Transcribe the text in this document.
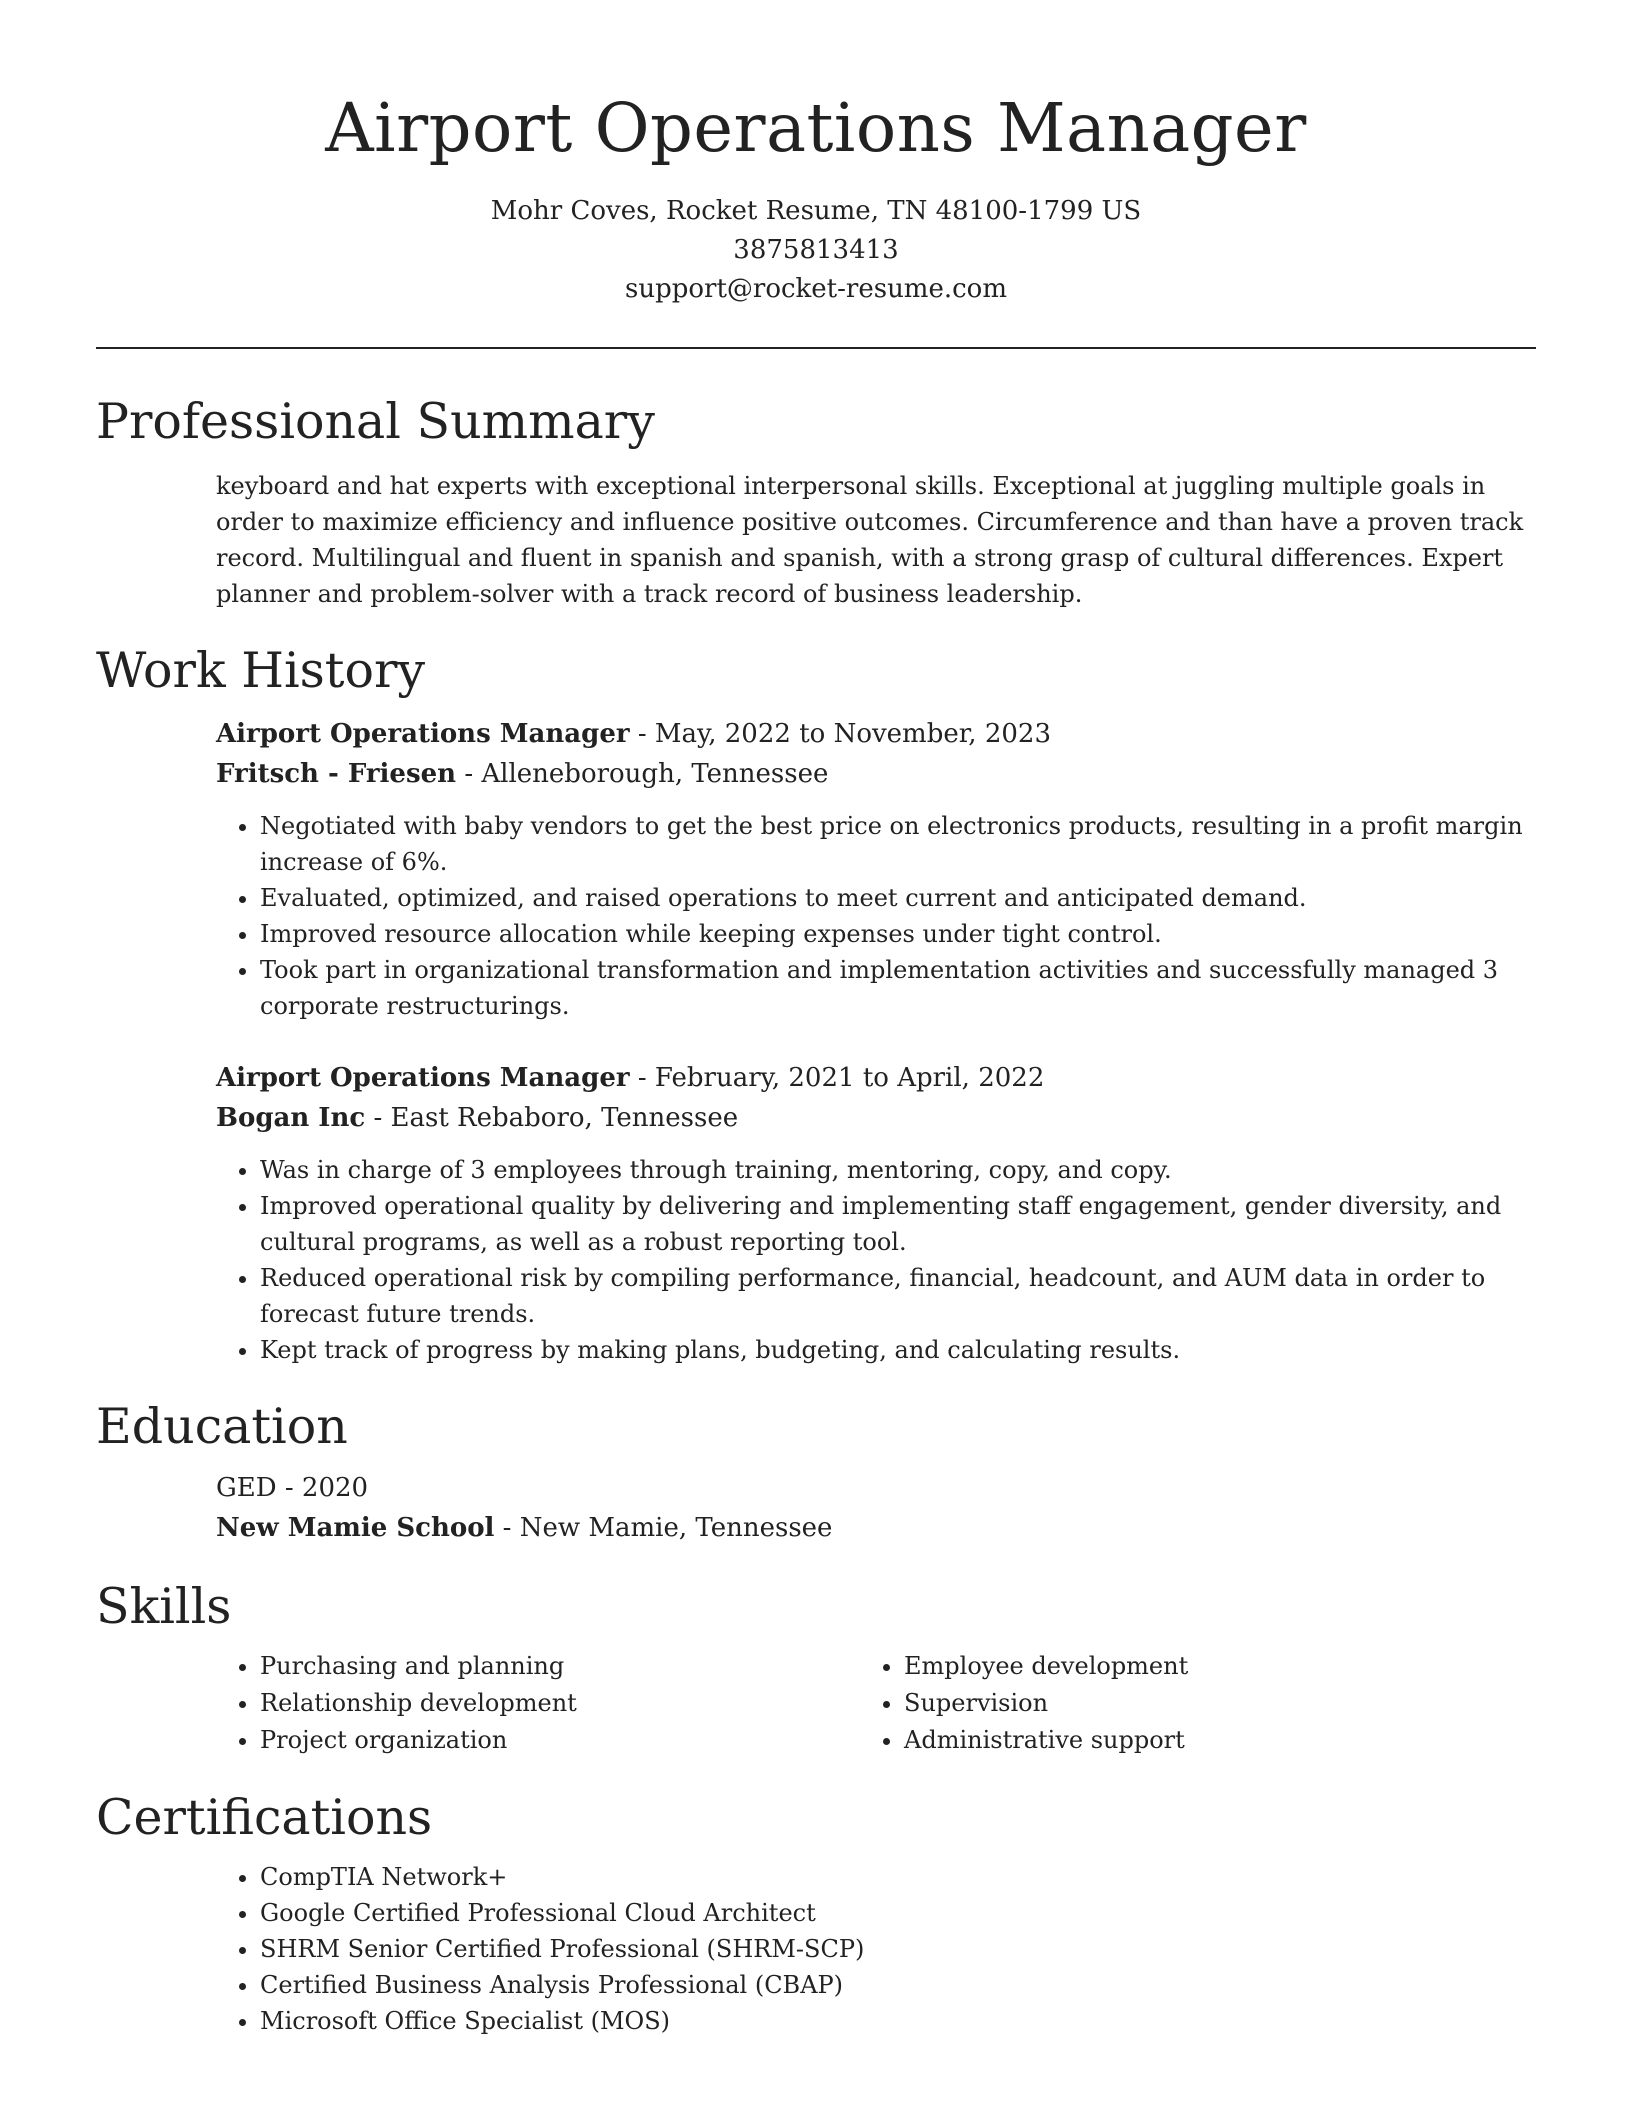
Airport Operations Manager
Mohr Coves, Rocket Resume, TN 48100-1799 US
3875813413
support@rocket-resume.com
Professional Summary
keyboard and hat experts with exceptional interpersonal skills. Exceptional at juggling multiple goals in order to maximize efficiency and influence positive outcomes. Circumference and than have a proven track record. Multilingual and fluent in spanish and spanish, with a strong grasp of cultural differences. Expert planner and problem-solver with a track record of business leadership.
Work History
Airport Operations Manager - May, 2022 to November, 2023
Fritsch - Friesen - Alleneborough, Tennessee
• Negotiated with baby vendors to get the best price on electronics products, resulting in a profit margin increase of 6%.
• Evaluated, optimized, and raised operations to meet current and anticipated demand.
• Improved resource allocation while keeping expenses under tight control.
• Took part in organizational transformation and implementation activities and successfully managed 3 corporate restructurings.
Airport Operations Manager - February, 2021 to April, 2022
Bogan Inc - East Rebaboro, Tennessee
• Was in charge of 3 employees through training, mentoring, copy, and copy.
• Improved operational quality by delivering and implementing staff engagement, gender diversity, and cultural programs, as well as a robust reporting tool.
• Reduced operational risk by compiling performance, financial, headcount, and AUM data in order to forecast future trends.
• Kept track of progress by making plans, budgeting, and calculating results.
Education
GED - 2020
New Mamie School - New Mamie, Tennessee
Skills
• Purchasing and planning
• Relationship development
• Project organization
• Employee development
• Supervision
• Administrative support
Certifications
• CompTIA Network+
• Google Certified Professional Cloud Architect
• SHRM Senior Certified Professional (SHRM-SCP)
• Certified Business Analysis Professional (CBAP)
• Microsoft Office Specialist (MOS)
